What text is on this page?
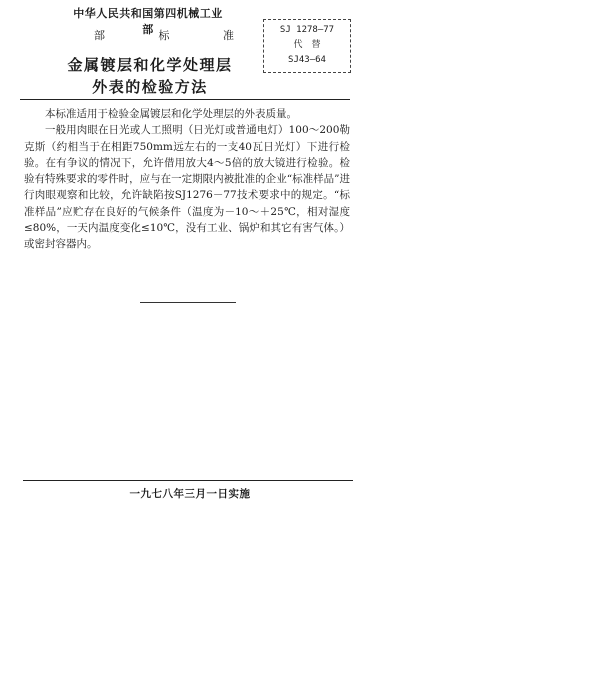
中华人民共和国第四机械工业部
部	标	准	SJ 1278—77
代　替
SJ43—64
金属镀层和化学处理层
外表的检验方法

本标准适用于检验金属镀层和化学处理层的外表质量。

一般用肉眼在日光或人工照明（日光灯或普通电灯）100～200勒克斯（约相当于在相距750mm远左右的一支40瓦日光灯）下进行检验。在有争议的情况下，允许借用放大4～5倍的放大镜进行检验。检验有特殊要求的零件时，应与在一定期限内被批准的企业“标准样品”进行肉眼观察和比较，允许缺陷按SJ1276－77技术要求中的规定。“标准样品”应贮存在良好的气候条件（温度为－10～＋25℃，相对湿度≤80%，一天内温度变化≤10℃，没有工业、锅炉和其它有害气体。）或密封容器内。

一九七八年三月一日实施
